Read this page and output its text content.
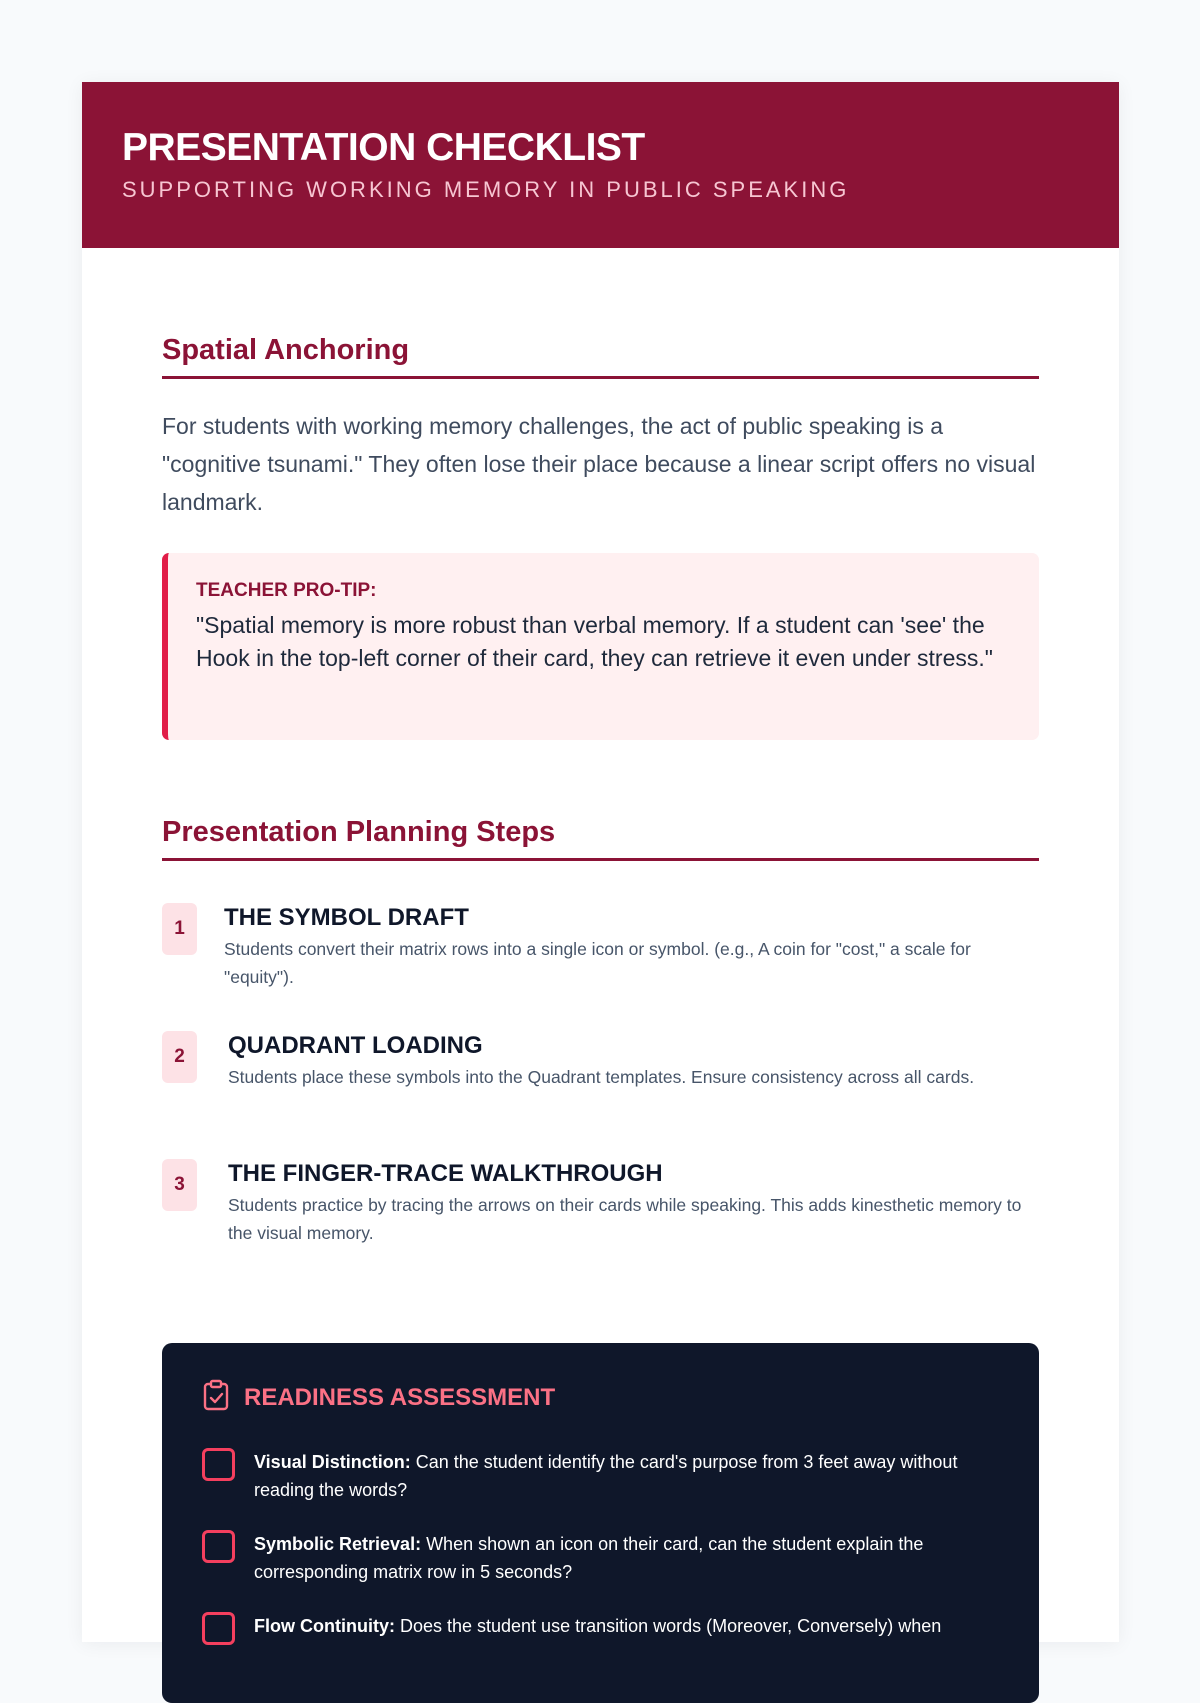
PRESENTATION CHECKLIST
SUPPORTING WORKING MEMORY IN PUBLIC SPEAKING
Spatial Anchoring

For students with working memory challenges, the act of public speaking is a "cognitive tsunami." They often lose their place because a linear script offers no visual landmark.

TEACHER PRO-TIP:
"Spatial memory is more robust than verbal memory. If a student can 'see' the Hook in the top-left corner of their card, they can retrieve it even under stress."
Presentation Planning Steps
1	THE SYMBOL DRAFT
Students convert their matrix rows into a single icon or symbol. (e.g., A coin for "cost," a scale for "equity").
2	QUADRANT LOADING
Students place these symbols into the Quadrant templates. Ensure consistency across all cards.
3	THE FINGER-TRACE WALKTHROUGH
Students practice by tracing the arrows on their cards while speaking. This adds kinesthetic memory to the visual memory.
READINESS ASSESSMENT
Visual Distinction: Can the student identify the card's purpose from 3 feet away without reading the words?
Symbolic Retrieval: When shown an icon on their card, can the student explain the corresponding matrix row in 5 seconds?
Flow Continuity: Does the student use transition words (Moreover, Conversely) when
